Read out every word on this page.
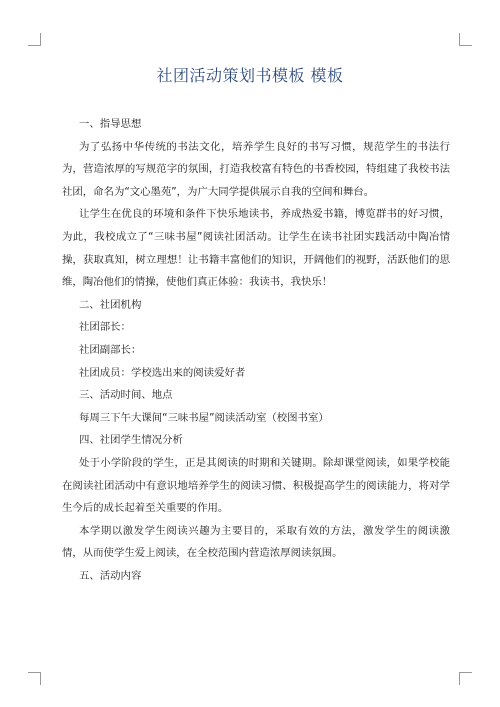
社团活动策划书模板 模板

一、指导思想

为了弘扬中华传统的书法文化，培养学生良好的书写习惯，规范学生的书法行为，营造浓厚的写规范字的氛围，打造我校富有特色的书香校园，特组建了我校书法社团，命名为“文心墨苑”，为广大同学提供展示自我的空间和舞台。

让学生在优良的环境和条件下快乐地读书，养成热爱书籍，博览群书的好习惯，为此，我校成立了“三味书屋”阅读社团活动。让学生在读书社团实践活动中陶冶情操，获取真知，树立理想！让书籍丰富他们的知识，开阔他们的视野，活跃他们的思维，陶冶他们的情操，使他们真正体验：我读书，我快乐！

二、社团机构

社团部长：

社团副部长：

社团成员：学校选出来的阅读爱好者

三、活动时间、地点

每周三下午大课间“三味书屋”阅读活动室（校图书室）

四、社团学生情况分析

处于小学阶段的学生，正是其阅读的时期和关键期。除却课堂阅读，如果学校能在阅读社团活动中有意识地培养学生的阅读习惯、积极提高学生的阅读能力，将对学生今后的成长起着至关重要的作用。

本学期以激发学生阅读兴趣为主要目的，采取有效的方法，激发学生的阅读激情，从而使学生爱上阅读，在全校范围内营造浓厚阅读氛围。

五、活动内容
